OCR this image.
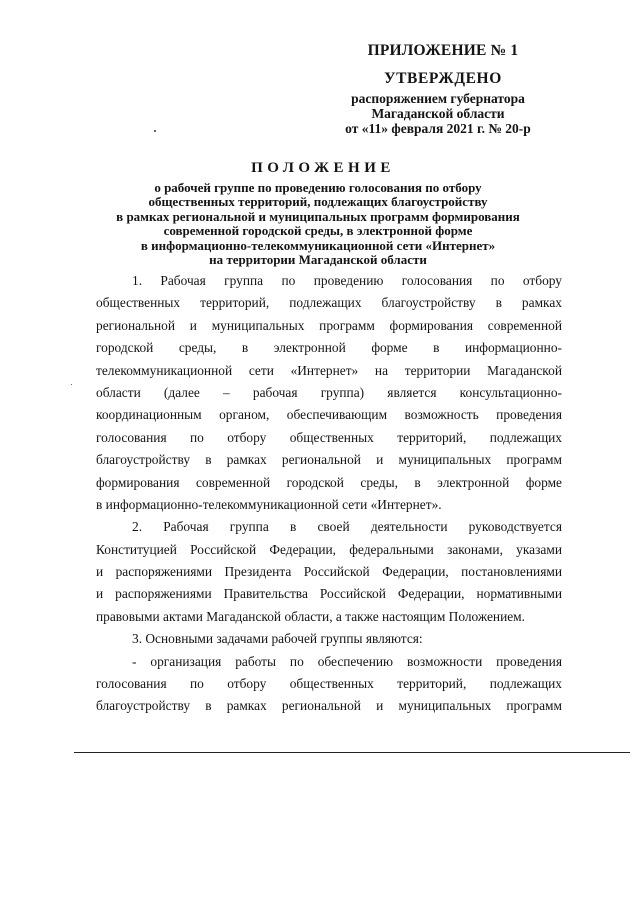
ПРИЛОЖЕНИЕ № 1
УТВЕРЖДЕНО
распоряжением губернатора
Магаданской области
от «11» февраля 2021 г. № 20-р
ПОЛОЖЕНИЕ
о рабочей группе по проведению голосования по отбору
общественных территорий, подлежащих благоустройству
в рамках региональной и муниципальных программ формирования
современной городской среды, в электронной форме
в информационно-телекоммуникационной сети «Интернет»
на территории Магаданской области
1. Рабочая группа по проведению голосования по отбору
общественных территорий, подлежащих благоустройству в рамках
региональной и муниципальных программ формирования современной
городской среды, в электронной форме в информационно-
телекоммуникационной сети «Интернет» на территории Магаданской
области (далее – рабочая группа) является консультационно-
координационным органом, обеспечивающим возможность проведения
голосования по отбору общественных территорий, подлежащих
благоустройству в рамках региональной и муниципальных программ
формирования современной городской среды, в электронной форме
в информационно-телекоммуникационной сети «Интернет».
2. Рабочая группа в своей деятельности руководствуется
Конституцией Российской Федерации, федеральными законами, указами
и распоряжениями Президента Российской Федерации, постановлениями
и распоряжениями Правительства Российской Федерации, нормативными
правовыми актами Магаданской области, а также настоящим Положением.
3. Основными задачами рабочей группы являются:
- организация работы по обеспечению возможности проведения
голосования по отбору общественных территорий, подлежащих
благоустройству в рамках региональной и муниципальных программ
